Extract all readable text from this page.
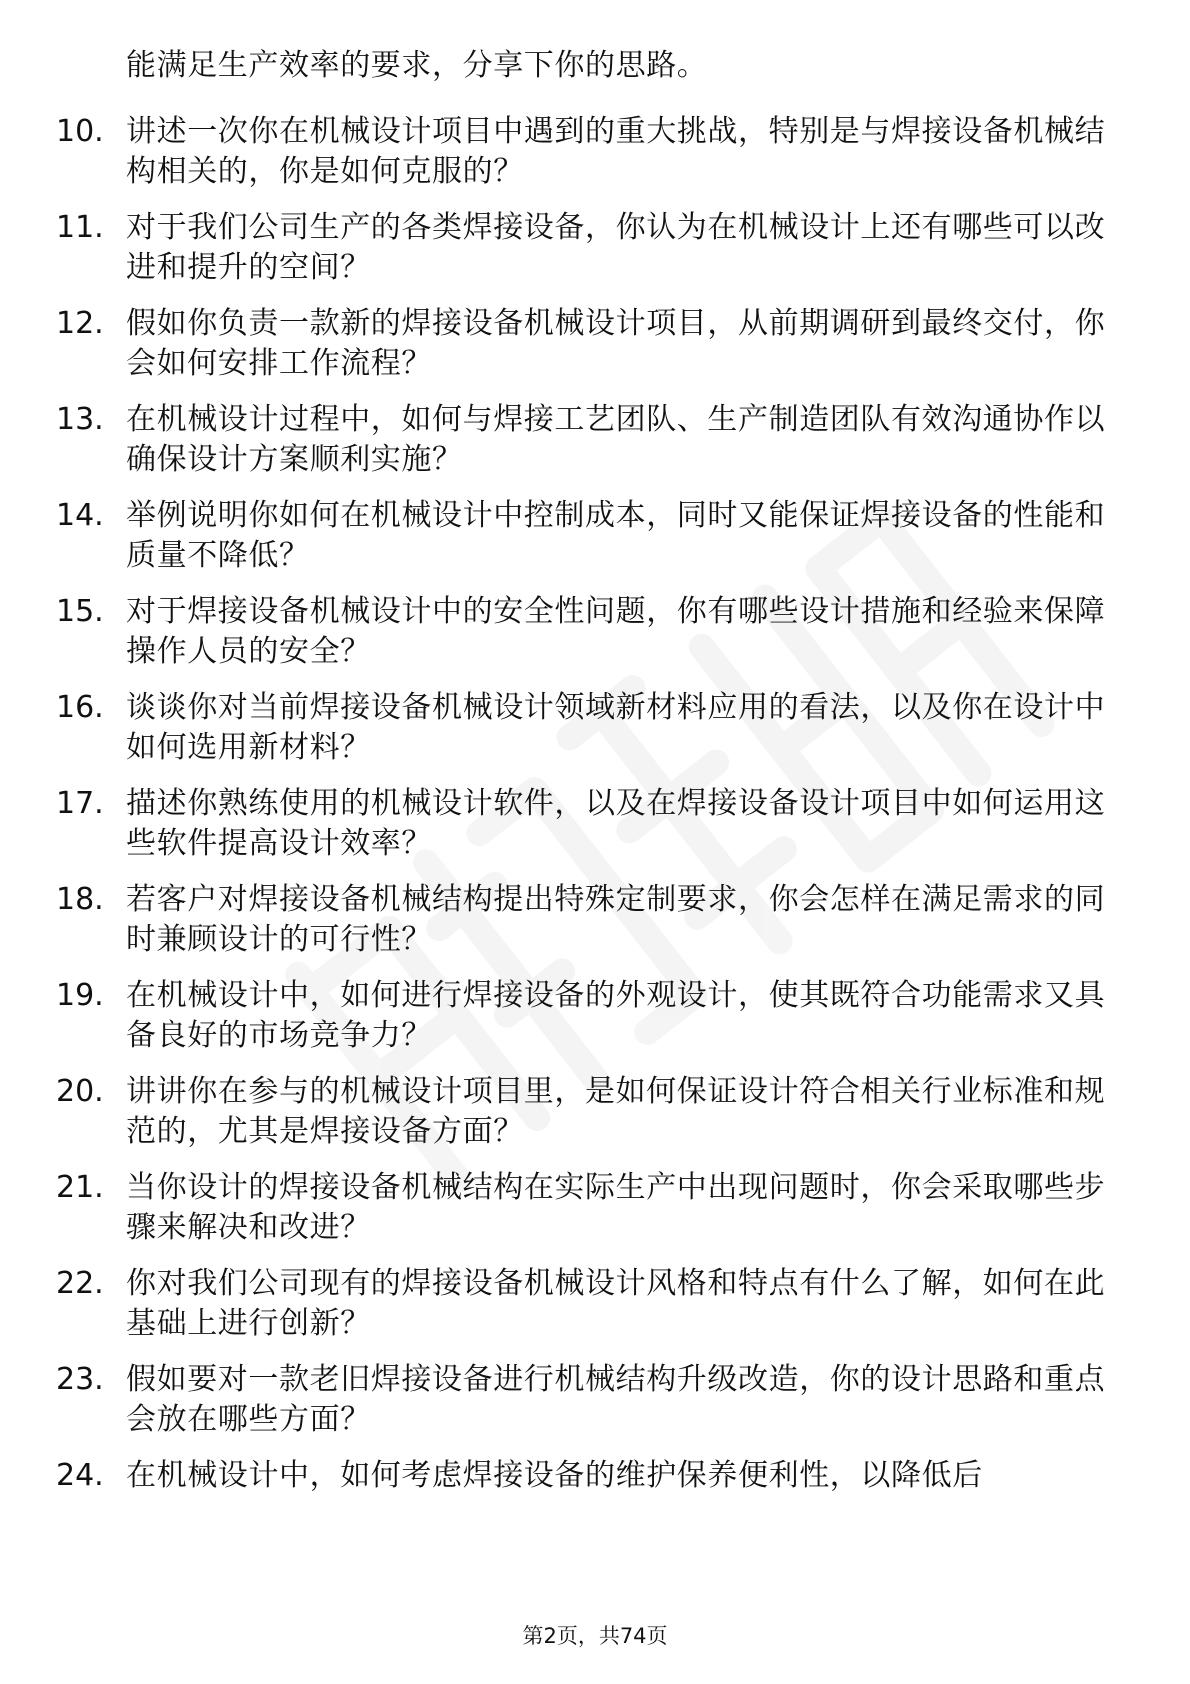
能满足生产效率的要求，分享下你的思路。
10. 讲述一次你在机械设计项目中遇到的重大挑战，特别是与焊接设备机械结构相关的，你是如何克服的？
11. 对于我们公司生产的各类焊接设备，你认为在机械设计上还有哪些可以改进和提升的空间？
12. 假如你负责一款新的焊接设备机械设计项目，从前期调研到最终交付，你会如何安排工作流程？
13. 在机械设计过程中，如何与焊接工艺团队、生产制造团队有效沟通协作以确保设计方案顺利实施？
14. 举例说明你如何在机械设计中控制成本，同时又能保证焊接设备的性能和质量不降低？
15. 对于焊接设备机械设计中的安全性问题，你有哪些设计措施和经验来保障操作人员的安全？
16. 谈谈你对当前焊接设备机械设计领域新材料应用的看法，以及你在设计中如何选用新材料？
17. 描述你熟练使用的机械设计软件，以及在焊接设备设计项目中如何运用这些软件提高设计效率？
18. 若客户对焊接设备机械结构提出特殊定制要求，你会怎样在满足需求的同时兼顾设计的可行性？
19. 在机械设计中，如何进行焊接设备的外观设计，使其既符合功能需求又具备良好的市场竞争力？
20. 讲讲你在参与的机械设计项目里，是如何保证设计符合相关行业标准和规范的，尤其是焊接设备方面？
21. 当你设计的焊接设备机械结构在实际生产中出现问题时，你会采取哪些步骤来解决和改进？
22. 你对我们公司现有的焊接设备机械设计风格和特点有什么了解，如何在此基础上进行创新？
23. 假如要对一款老旧焊接设备进行机械结构升级改造，你的设计思路和重点会放在哪些方面？
24. 在机械设计中，如何考虑焊接设备的维护保养便利性，以降低后
第2页，共74页
